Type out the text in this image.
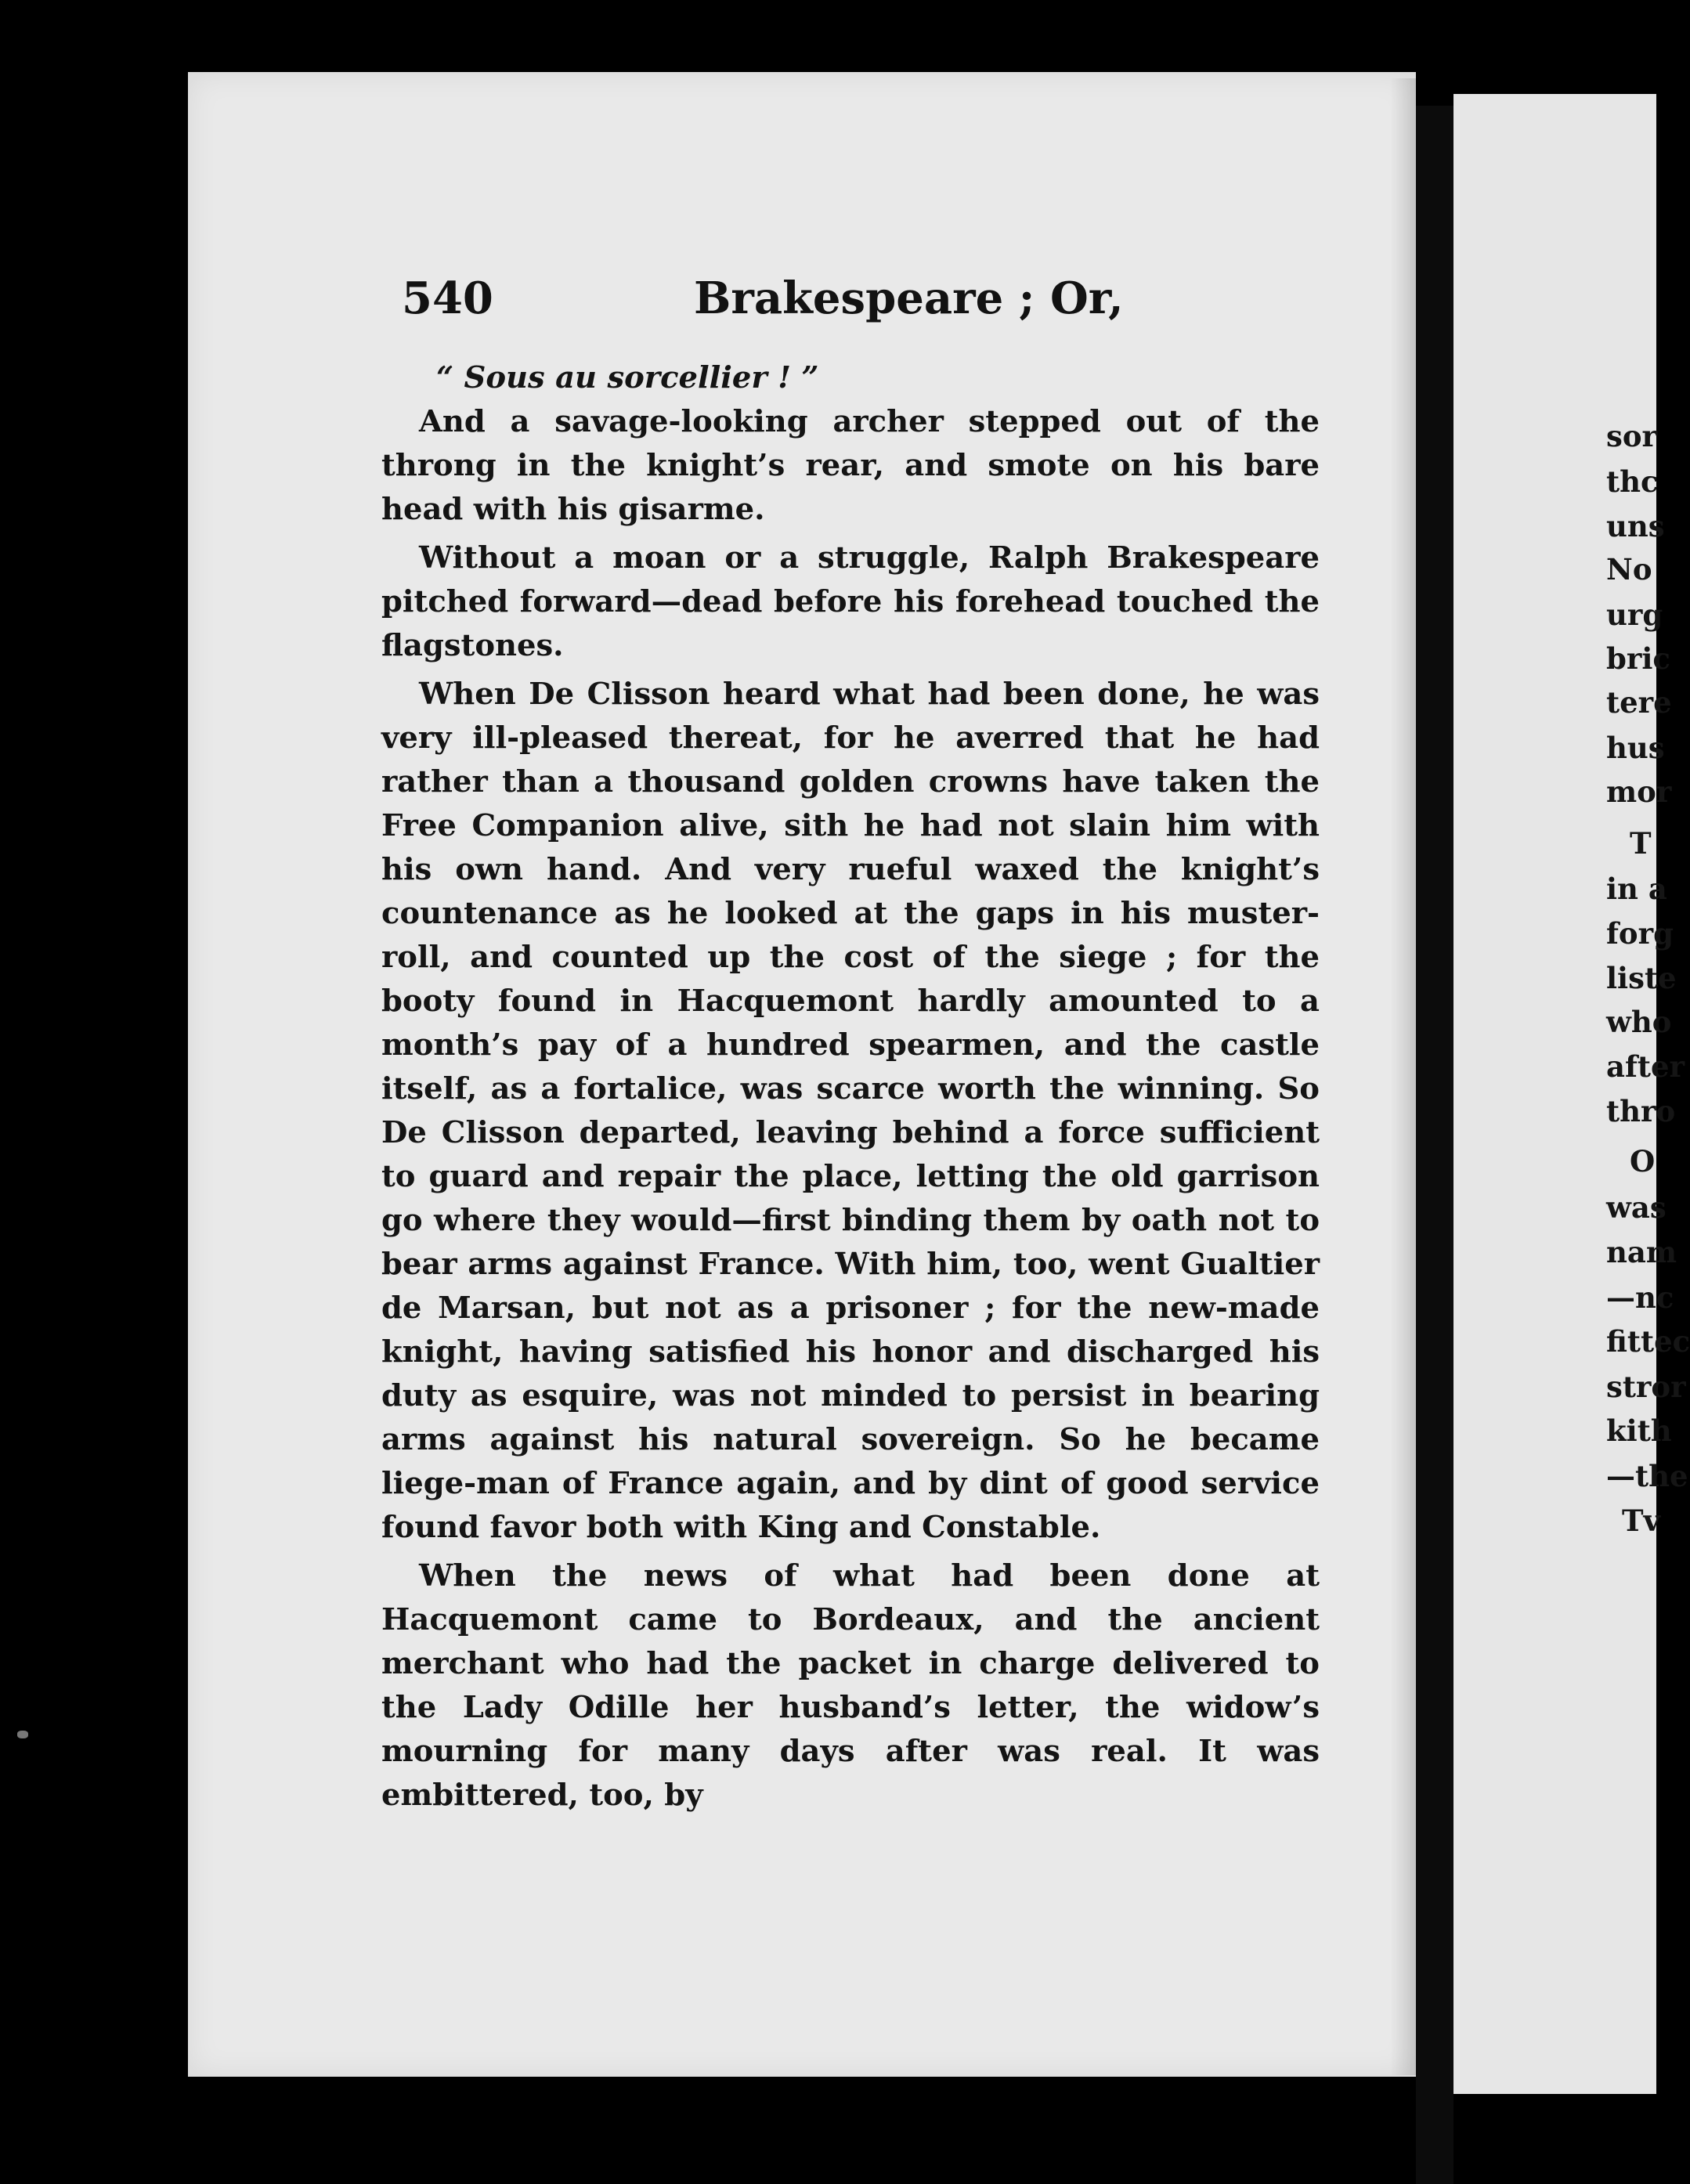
sor
thc
uns
No
urg
bric
tere
hus
mor
T
in a
forg
liste
who
after
thro
O
was
nam
—nc
fittec
stror
kith
—the
Tv
540	Brakespeare ; Or,

“ Sous au sorcellier ! ”

And a savage-looking archer stepped out of the throng in the knight’s rear, and smote on his bare head with his gisarme.

Without a moan or a struggle, Ralph Brakespeare pitched forward—dead before his forehead touched the flagstones.

When De Clisson heard what had been done, he was very ill-pleased thereat, for he averred that he had rather than a thousand golden crowns have taken the Free Companion alive, sith he had not slain him with his own hand. And very rueful waxed the knight’s countenance as he looked at the gaps in his muster-roll, and counted up the cost of the siege ; for the booty found in Hacquemont hardly amounted to a month’s pay of a hundred spearmen, and the castle itself, as a fortalice, was scarce worth the winning. So De Clisson departed, leaving behind a force sufficient to guard and repair the place, letting the old garrison go where they would—first binding them by oath not to bear arms against France. With him, too, went Gualtier de Marsan, but not as a prisoner ; for the new-made knight, having satisfied his honor and discharged his duty as esquire, was not minded to persist in bearing arms against his natural sovereign. So he became liege-man of France again, and by dint of good service found favor both with King and Constable.

When the news of what had been done at Hacquemont came to Bordeaux, and the ancient merchant who had the packet in charge delivered to the Lady Odille her husband’s letter, the widow’s mourning for many days after was real. It was embittered, too, by
